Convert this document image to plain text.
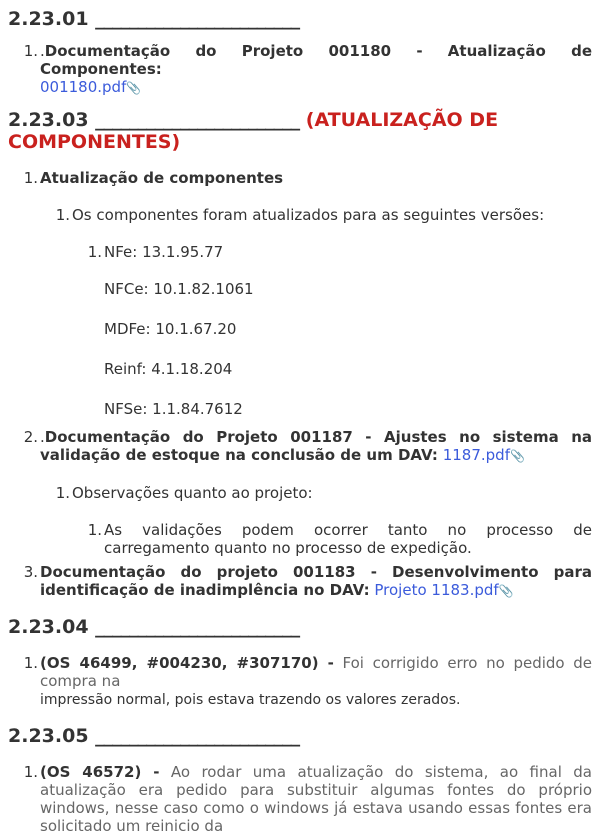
2.23.01 ________________________
1. .Documentação do Projeto 001180 - Atualização de Componentes:
001180.pdf📎
2.23.03 ________________________ (ATUALIZAÇÃO DE COMPONENTES)
1. Atualização de componentes
1. Os componentes foram atualizados para as seguintes versões:
1. NFe: 13.1.95.77
NFCe: 10.1.82.1061
MDFe: 10.1.67.20
Reinf: 4.1.18.204
NFSe: 1.1.84.7612
2. .Documentação do Projeto 001187 - Ajustes no sistema na validação de estoque na conclusão de um DAV: 1187.pdf📎
1. Observações quanto ao projeto:
1. As validações podem ocorrer tanto no processo de carregamento quanto no processo de expedição.
3. Documentação do projeto 001183 - Desenvolvimento para identificação de inadimplência no DAV: Projeto 1183.pdf📎
2.23.04 ________________________
1. (OS 46499, #004230, #307170) - Foi corrigido erro no pedido de compra na
impressão normal, pois estava trazendo os valores zerados.
2.23.05 ________________________
1. (OS 46572) - Ao rodar uma atualização do sistema, ao final da atualização era pedido para substituir algumas fontes do próprio windows, nesse caso como o windows já estava usando essas fontes era solicitado um reinicio da
